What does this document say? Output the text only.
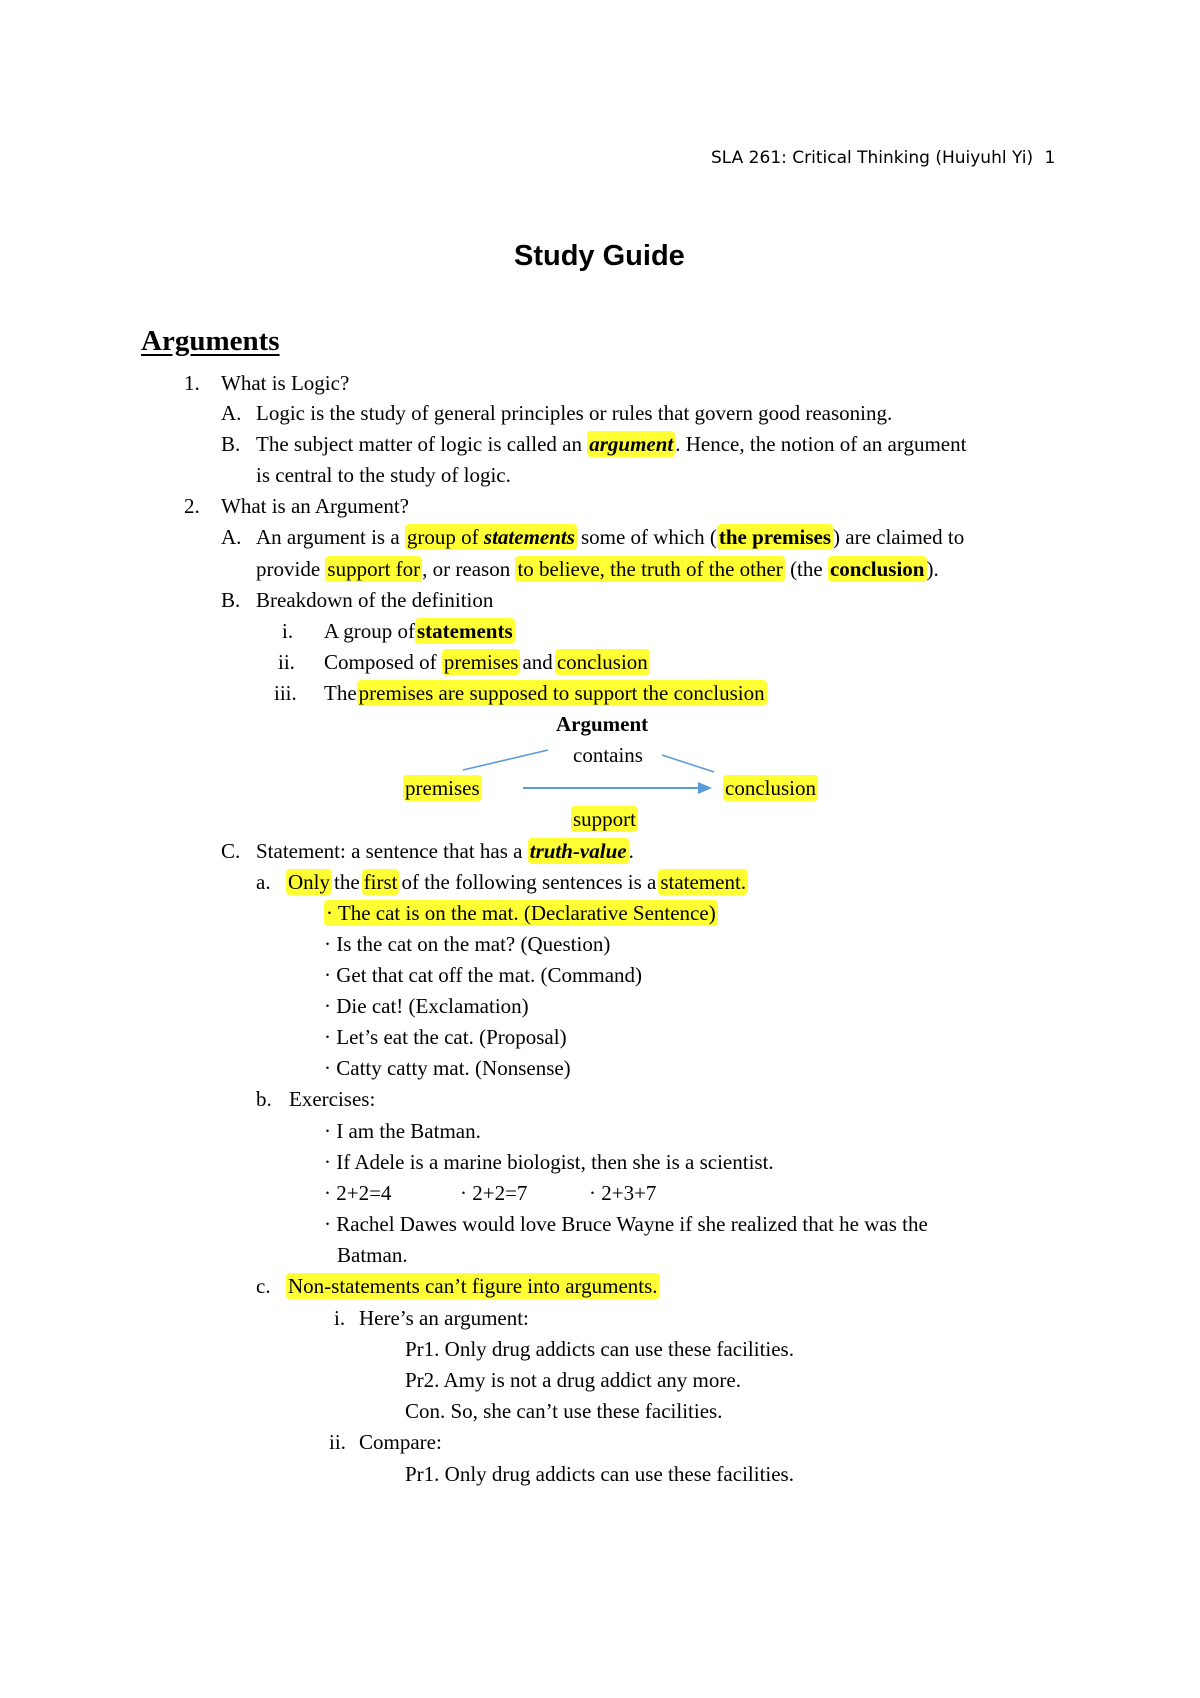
SLA 261: Critical Thinking (Huiyuhl Yi) 1
Study Guide
Arguments
1. What is Logic?
A. Logic is the study of general principles or rules that govern good reasoning.
B. The subject matter of logic is called an argument. Hence, the notion of an argument
is central to the study of logic.
2. What is an Argument?
A. An argument is a group of statements some of which (the premises) are claimed to
provide support for, or reason to believe, the truth of the other (the conclusion).
B. Breakdown of the definition
i. A group ofstatements
ii. Composed of premises and conclusion
iii. Thepremises are supposed to support the conclusion
Argument
contains
premises	conclusion
support
C. Statement: a sentence that has a truth-value.
a. Only the first of the following sentences is a statement.
· The cat is on the mat. (Declarative Sentence)
· Is the cat on the mat? (Question)
· Get that cat off the mat. (Command)
· Die cat! (Exclamation)
· Let’s eat the cat. (Proposal)
· Catty catty mat. (Nonsense)
b. Exercises:
· I am the Batman.
· If Adele is a marine biologist, then she is a scientist.
· 2+2=4	· 2+2=7	· 2+3+7
· Rachel Dawes would love Bruce Wayne if she realized that he was the
Batman.
c. Non-statements can’t figure into arguments.
i. Here’s an argument:
Pr1. Only drug addicts can use these facilities.
Pr2. Amy is not a drug addict any more.
Con. So, she can’t use these facilities.
ii. Compare:
Pr1. Only drug addicts can use these facilities.
